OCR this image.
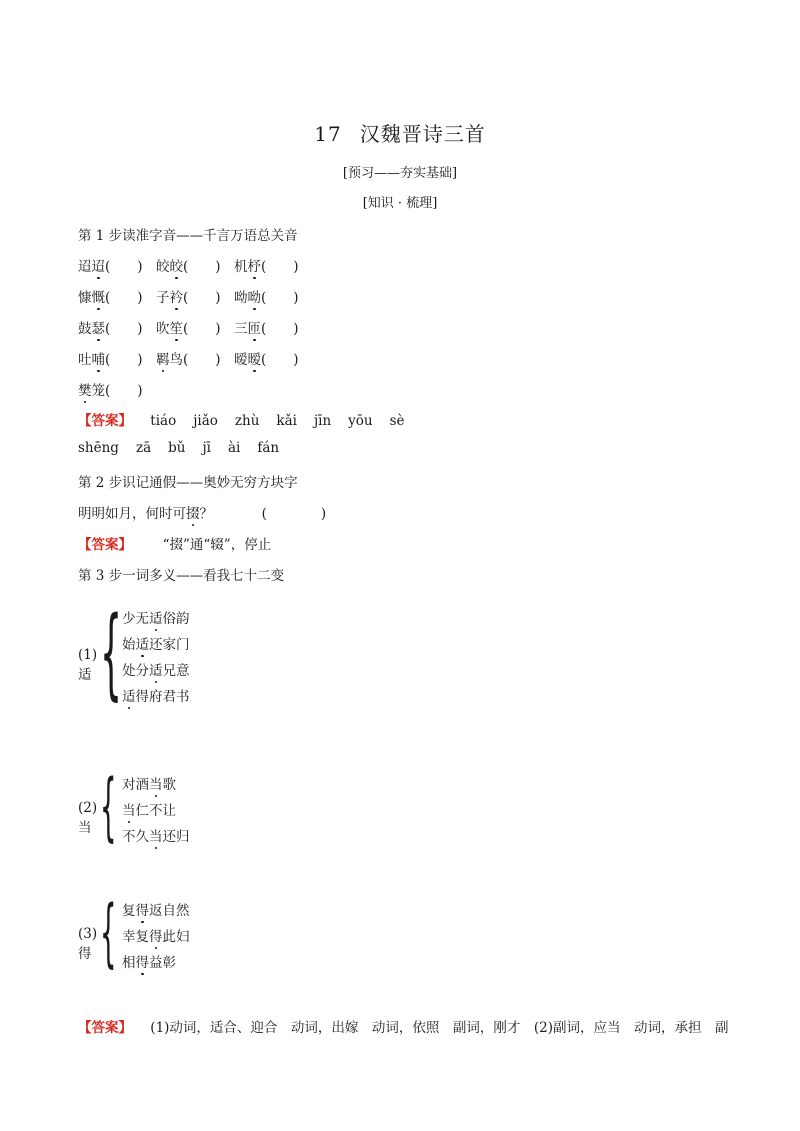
17 汉魏晋诗三首
[预习——夯实基础]
[知识 · 梳理]
第 1 步读准字音——千言万语总关音
迢迢(　　) 皎皎(　　) 机杼(　　)
慷慨(　　) 子衿(　　) 呦呦(　　)
鼓瑟(　　) 吹笙(　　) 三匝(　　)
吐哺(　　) 羁鸟(　　) 暧暧(　　)
樊笼(　　)
【答案】 tiáo jiǎo zhù kǎi jīn yōu sè
shēng zā bǔ jī ài fán
第 2 步识记通假——奥妙无穷方块字
明明如月，何时可掇？	(　　　　)
【答案】 “掇”通“辍”，停止
第 3 步一词多义——看我七十二变
(1)适 { 少无适俗韵
始适还家门
处分适兄意
适得府君书
(2)当 { 对酒当歌
当仁不让
不久当还归
(3)得 { 复得返自然
幸复得此妇
相得益彰
【答案】 (1)动词，适合、迎合　动词，出嫁　动词，依照　副词，刚才　(2)副词，应当　动词，承担　副
